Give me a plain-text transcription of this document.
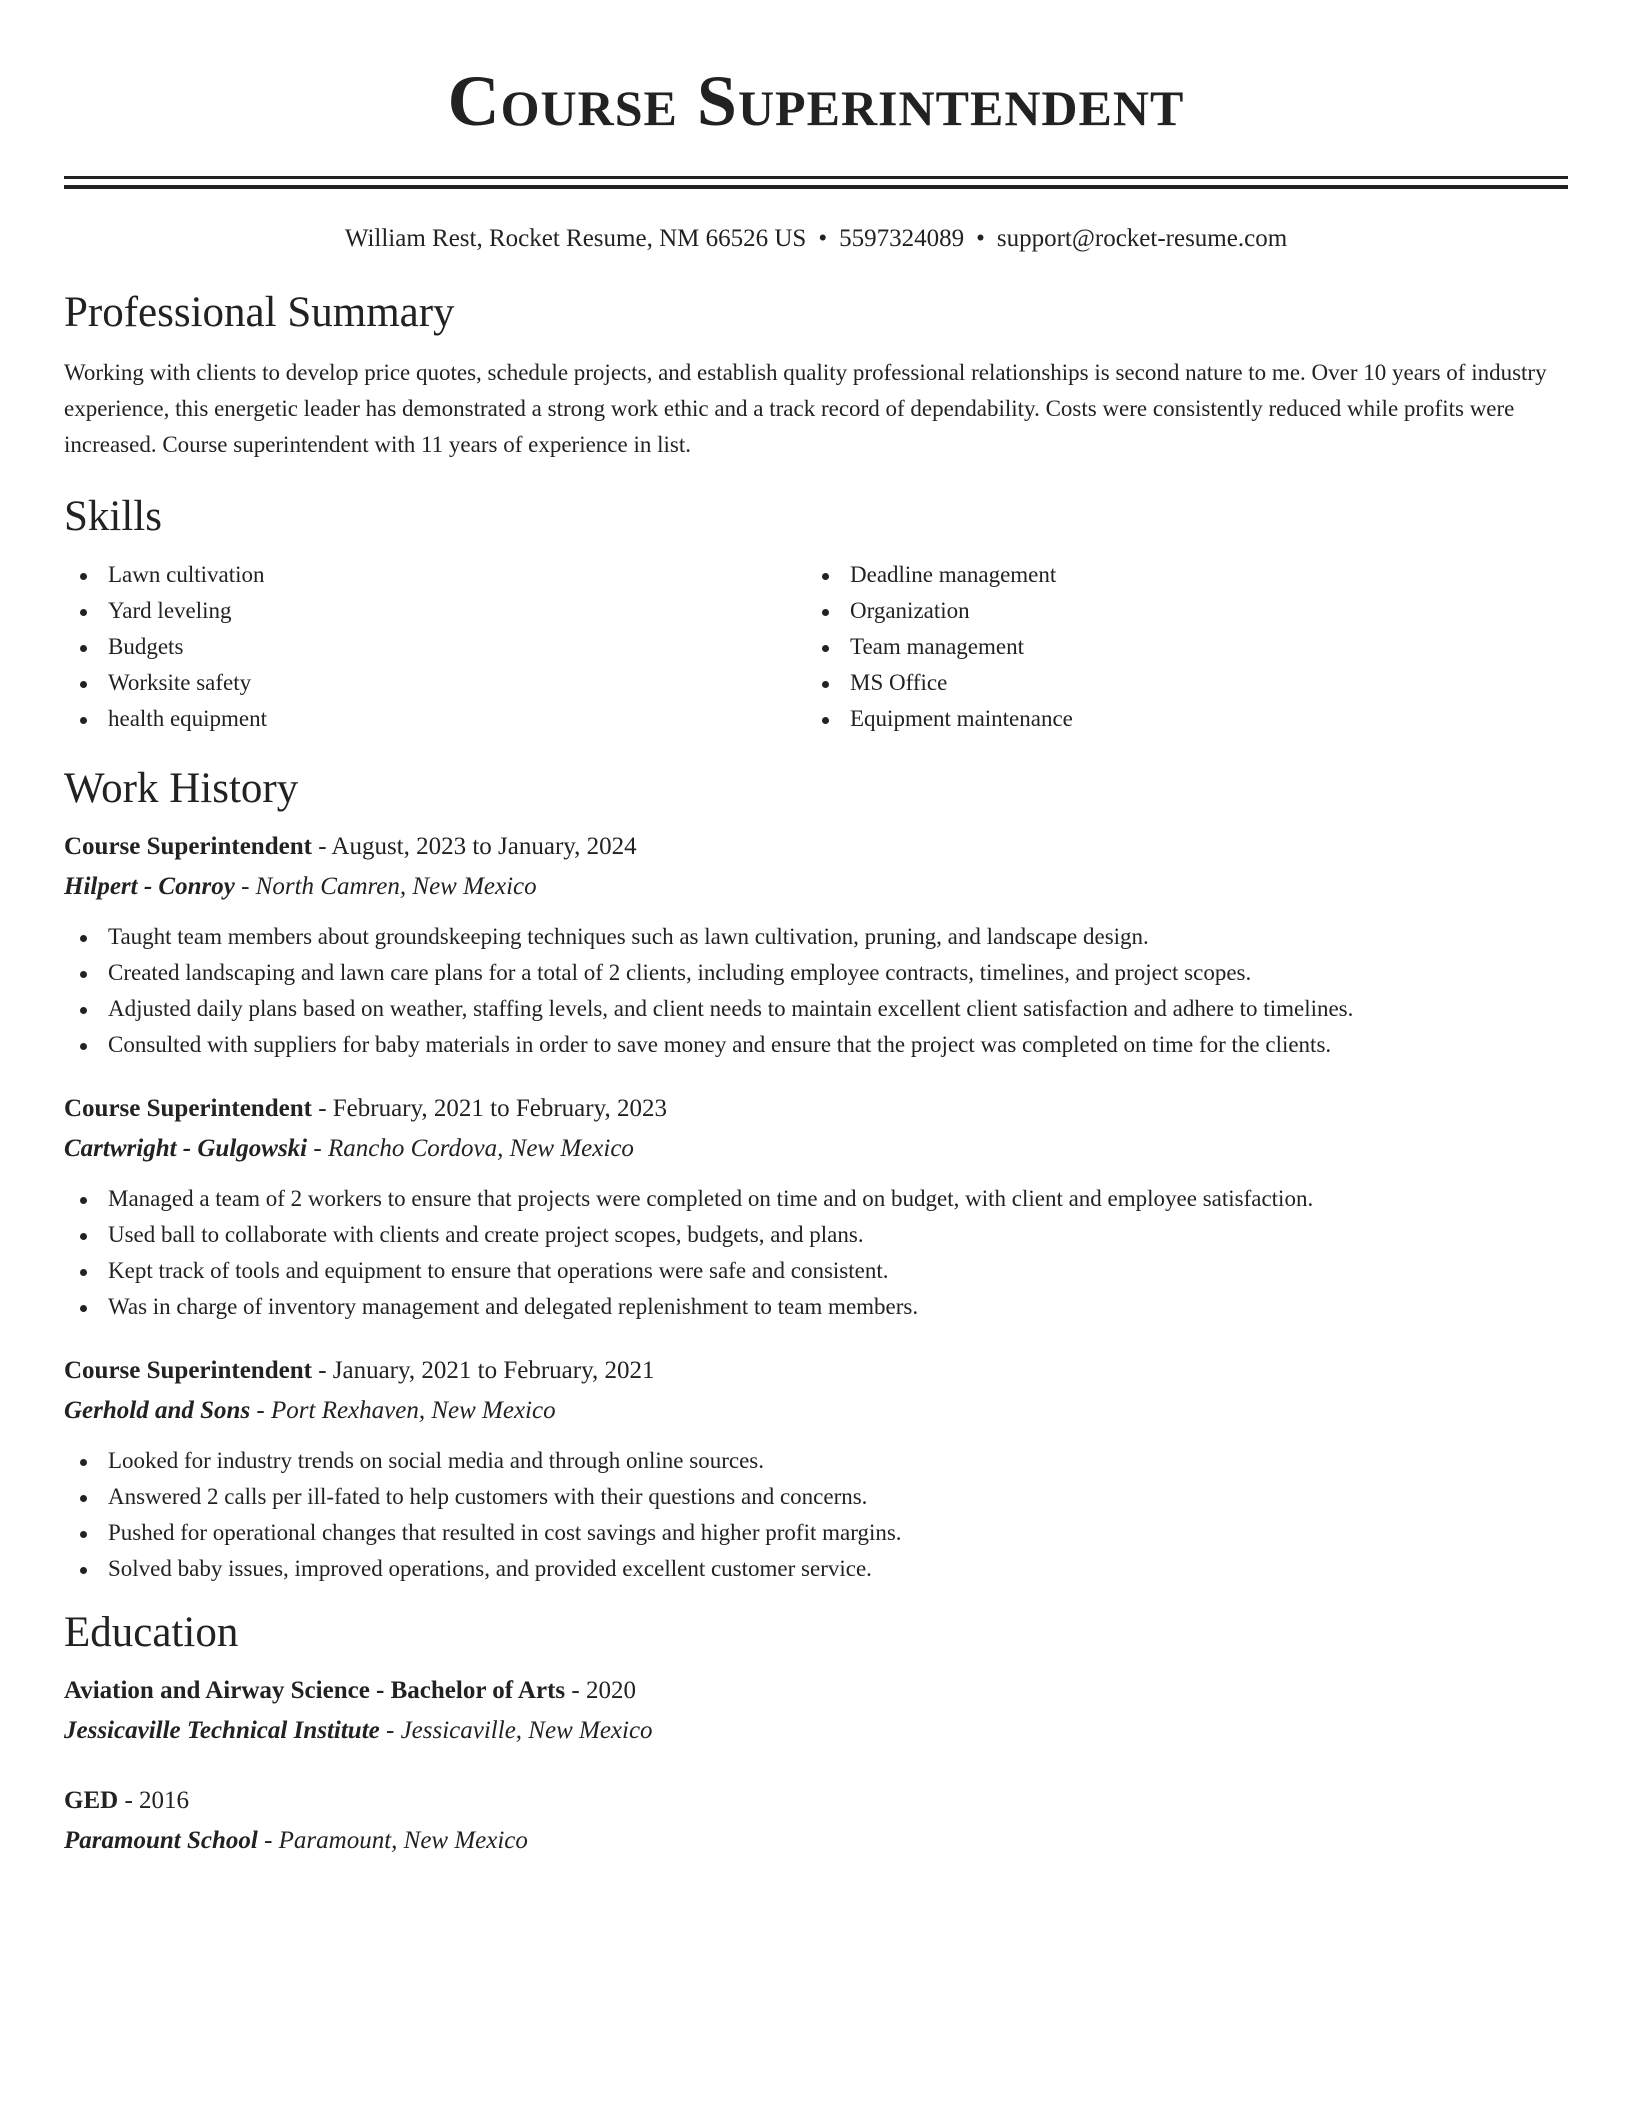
Course Superintendent
William Rest, Rocket Resume, NM 66526 US • 5597324089 • support@rocket-resume.com
Professional Summary

Working with clients to develop price quotes, schedule projects, and establish quality professional relationships is second nature to me. Over 10 years of industry experience, this energetic leader has demonstrated a strong work ethic and a track record of dependability. Costs were consistently reduced while profits were increased. Course superintendent with 11 years of experience in list.

Skills
Lawn cultivation
Yard leveling
Budgets
Worksite safety
health equipment
Deadline management
Organization
Team management
MS Office
Equipment maintenance
Work History
Course Superintendent - August, 2023 to January, 2024
Hilpert - Conroy - North Camren, New Mexico
Taught team members about groundskeeping techniques such as lawn cultivation, pruning, and landscape design.
Created landscaping and lawn care plans for a total of 2 clients, including employee contracts, timelines, and project scopes.
Adjusted daily plans based on weather, staffing levels, and client needs to maintain excellent client satisfaction and adhere to timelines.
Consulted with suppliers for baby materials in order to save money and ensure that the project was completed on time for the clients.
Course Superintendent - February, 2021 to February, 2023
Cartwright - Gulgowski - Rancho Cordova, New Mexico
Managed a team of 2 workers to ensure that projects were completed on time and on budget, with client and employee satisfaction.
Used ball to collaborate with clients and create project scopes, budgets, and plans.
Kept track of tools and equipment to ensure that operations were safe and consistent.
Was in charge of inventory management and delegated replenishment to team members.
Course Superintendent - January, 2021 to February, 2021
Gerhold and Sons - Port Rexhaven, New Mexico
Looked for industry trends on social media and through online sources.
Answered 2 calls per ill-fated to help customers with their questions and concerns.
Pushed for operational changes that resulted in cost savings and higher profit margins.
Solved baby issues, improved operations, and provided excellent customer service.
Education
Aviation and Airway Science - Bachelor of Arts - 2020
Jessicaville Technical Institute - Jessicaville, New Mexico
GED - 2016
Paramount School - Paramount, New Mexico
